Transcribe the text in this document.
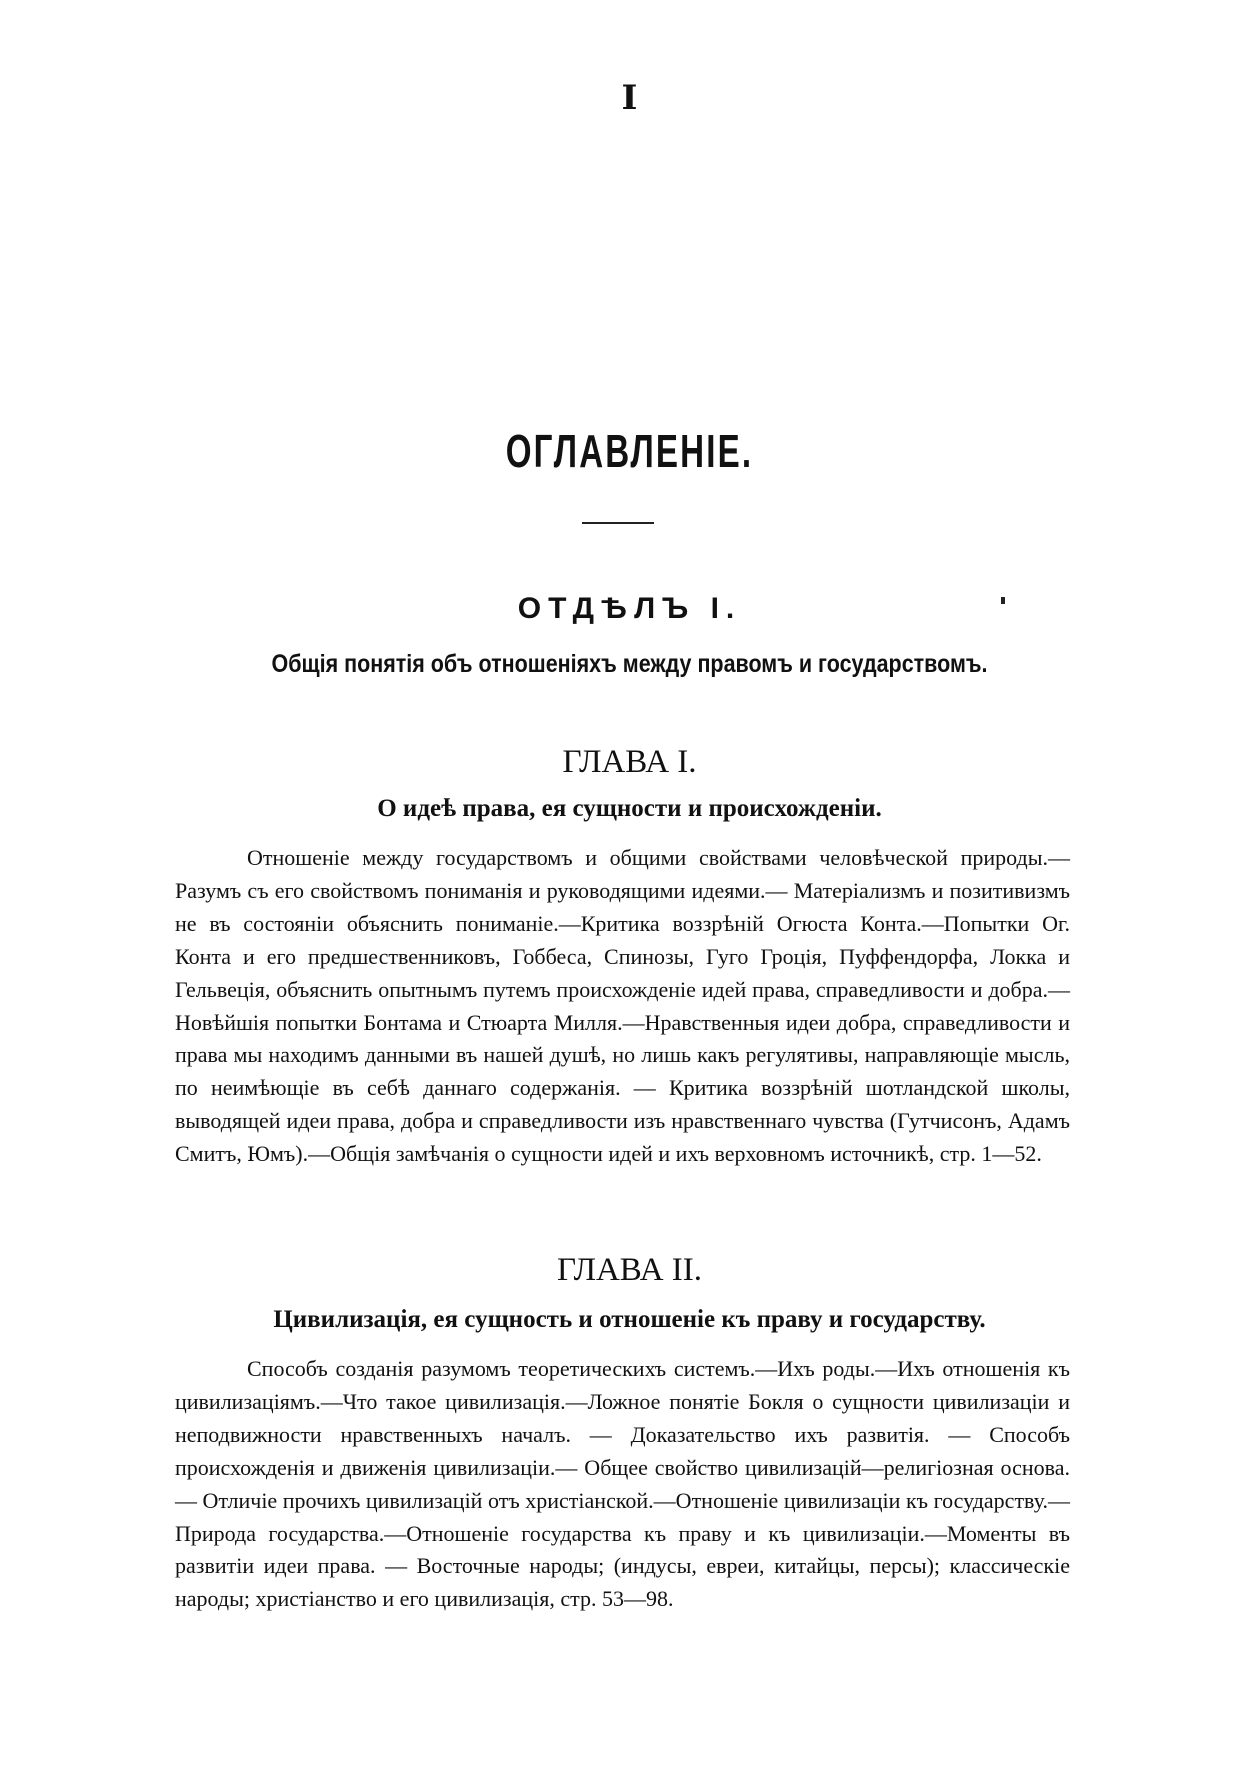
I
ОГЛАВЛЕНIЕ.
ОТДѢЛЪ I.
Общія понятія объ отношеніяхъ между правомъ и государствомъ.
ГЛАВА I.
О идеѣ права, ея сущности и происхожденіи.
Отношеніе между государствомъ и общими свойствами человѣческой природы.—Разумъ съ его свойствомъ пониманія и руководящими идеями.— Матеріализмъ и позитивизмъ не въ состояніи объяснить пониманіе.—Критика воззрѣній Огюста Конта.—Попытки Ог. Конта и его предшественниковъ, Гоббеса, Спинозы, Гуго Гроція, Пуффендорфа, Локка и Гельвеція, объяснить опытнымъ путемъ происхожденіе идей права, справедливости и добра.—Новѣйшія попытки Бонтама и Стюарта Милля.—Нравственныя идеи добра, справедливости и права мы находимъ данными въ нашей душѣ, но лишь какъ регулятивы, направляющіе мысль, по неимѣющіе въ себѣ даннаго содержанія. — Критика воззрѣній шотландской школы, выводящей идеи права, добра и справедливости изъ нравственнаго чувства (Гутчисонъ, Адамъ Смитъ, Юмъ).—Общія замѣчанія о сущности идей и ихъ верховномъ источникѣ, стр. 1—52.
ГЛАВА II.
Цивилизація, ея сущность и отношеніе къ праву и государству.
Способъ созданія разумомъ теоретическихъ системъ.—Ихъ роды.—Ихъ отношенія къ цивилизаціямъ.—Что такое цивилизація.—Ложное понятіе Бокля о сущности цивилизаціи и неподвижности нравственныхъ началъ. — Доказательство ихъ развитія. — Способъ происхожденія и движенія цивилизаціи.— Общее свойство цивилизацій—религіозная основа.— Отличіе прочихъ цивилизацій отъ христіанской.—Отношеніе цивилизаціи къ государству.—Природа государства.—Отношеніе государства къ праву и къ цивилизаціи.—Моменты въ развитіи идеи права. — Восточные народы; (индусы, евреи, китайцы, персы); классическіе народы; христіанство и его цивилизація, стр. 53—98.
